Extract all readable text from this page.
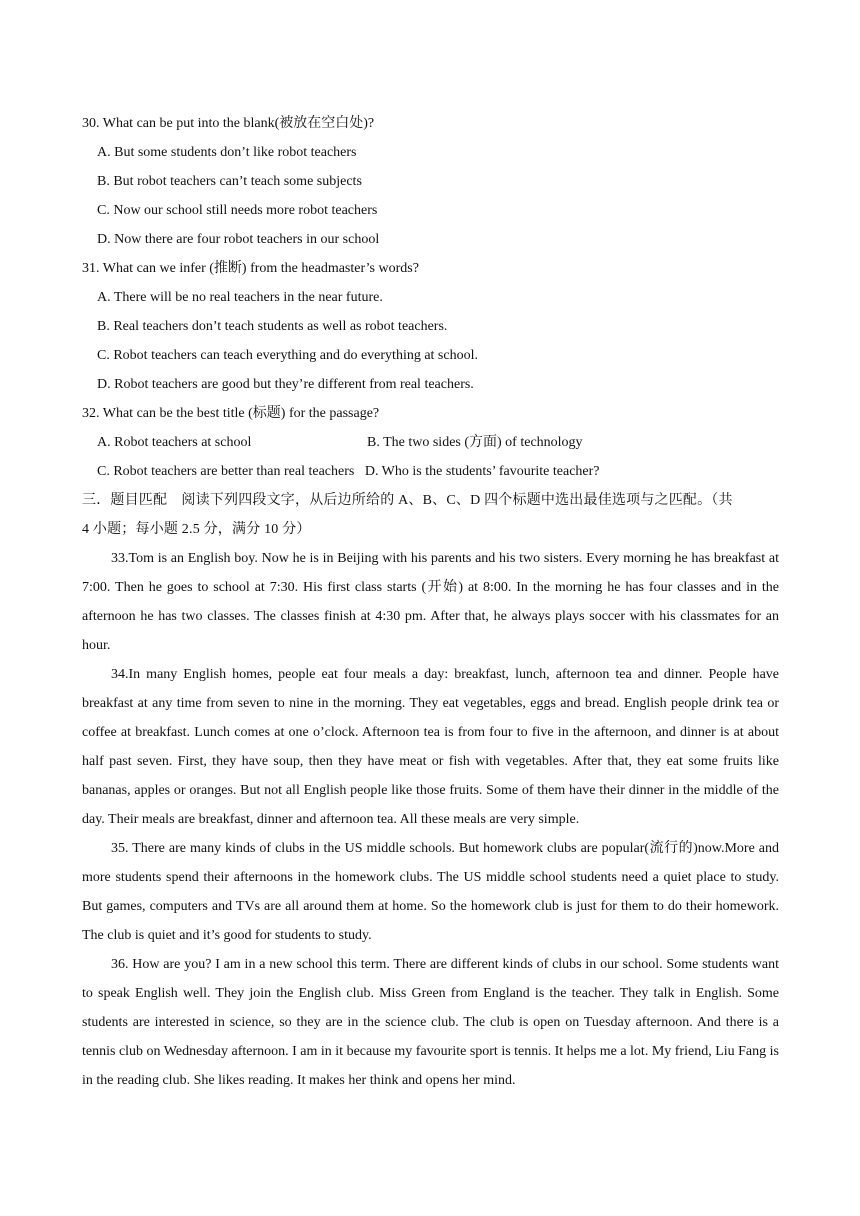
30. What can be put into the blank(被放在空白处)?
A. But some students don’t like robot teachers
B. But robot teachers can’t teach some subjects
C. Now our school still needs more robot teachers
D. Now there are four robot teachers in our school
31. What can we infer (推断) from the headmaster’s words?
A. There will be no real teachers in the near future.
B. Real teachers don’t teach students as well as robot teachers.
C. Robot teachers can teach everything and do everything at school.
D. Robot teachers are good but they’re different from real teachers.
32. What can be the best title (标题) for the passage?
A. Robot teachers at school	B. The two sides (方面) of technology
C. Robot teachers are better than real teachers D. Who is the students’ favourite teacher?
三．题目匹配　阅读下列四段文字，从后边所给的 A、B、C、D 四个标题中选出最佳选项与之匹配。（共
4 小题；每小题 2.5 分，满分 10 分）
33.Tom is an English boy. Now he is in Beijing with his parents and his two sisters. Every morning he has breakfast at 7:00. Then he goes to school at 7:30. His first class starts (开始) at 8:00. In the morning he has four classes and in the afternoon he has two classes. The classes finish at 4:30 pm. After that, he always plays soccer with his classmates for an hour.
34.In many English homes, people eat four meals a day: breakfast, lunch, afternoon tea and dinner. People have breakfast at any time from seven to nine in the morning. They eat vegetables, eggs and bread. English people drink tea or coffee at breakfast. Lunch comes at one o’clock. Afternoon tea is from four to five in the afternoon, and dinner is at about half past seven. First, they have soup, then they have meat or fish with vegetables. After that, they eat some fruits like bananas, apples or oranges. But not all English people like those fruits. Some of them have their dinner in the middle of the day. Their meals are breakfast, dinner and afternoon tea. All these meals are very simple.
35. There are many kinds of clubs in the US middle schools. But homework clubs are popular(流行的)now.More and more students spend their afternoons in the homework clubs. The US middle school students need a quiet place to study. But games, computers and TVs are all around them at home. So the homework club is just for them to do their homework. The club is quiet and it’s good for students to study.
36. How are you? I am in a new school this term. There are different kinds of clubs in our school. Some students want to speak English well. They join the English club. Miss Green from England is the teacher. They talk in English. Some students are interested in science, so they are in the science club. The club is open on Tuesday afternoon. And there is a tennis club on Wednesday afternoon. I am in it because my favourite sport is tennis. It helps me a lot. My friend, Liu Fang is in the reading club. She likes reading. It makes her think and opens her mind.
